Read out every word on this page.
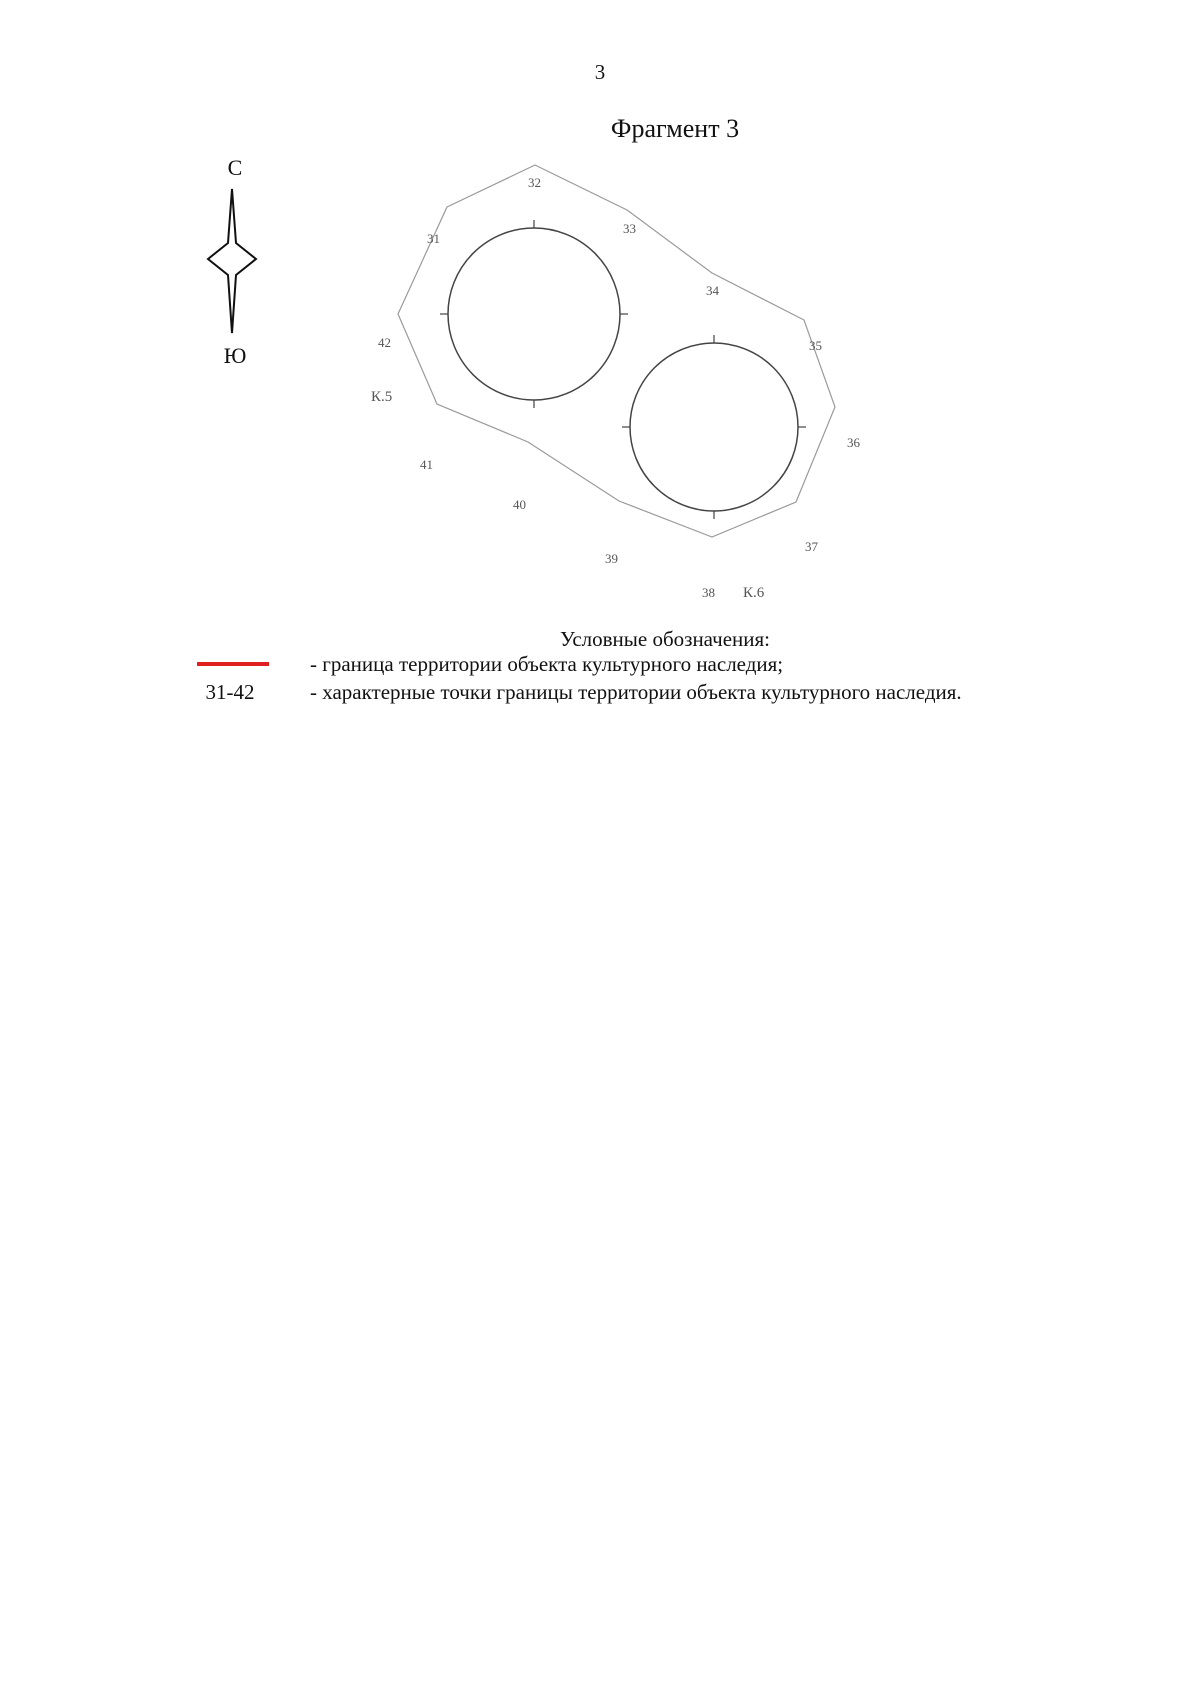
3
Фрагмент 3
С
Ю
31
32
33
34
35
36
37
38
39
40
41
42
К.5
К.6
Условные обозначения:
- граница территории объекта культурного наследия;
31-42	- характерные точки границы территории объекта культурного наследия.
